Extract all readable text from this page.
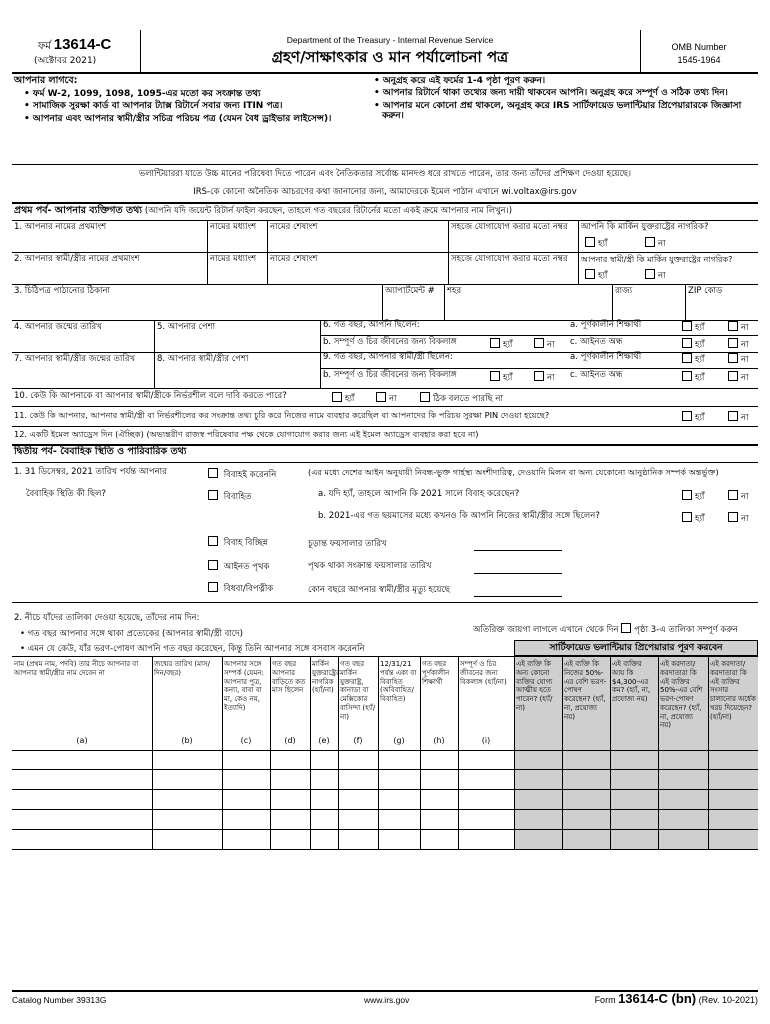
ফর্ম 13614-C
(অক্টোবর 2021)
Department of the Treasury - Internal Revenue Service
গ্রহণ/সাক্ষাৎকার ও মান পর্যালোচনা পত্র
OMB Number
1545-1964
আপনার লাগবে:
• ফর্ম W-2, 1099, 1098, 1095-এর মতো কর সংক্রান্ত তথ্য
• সামাজিক সুরক্ষা কার্ড বা আপনার ট্যাক্স রিটার্নে সবার জন্য ITIN পত্র।
• আপনার এবং আপনার স্বামী/স্ত্রীর সচিত্র পরিচয় পত্র (যেমন বৈধ ড্রাইভার লাইসেন্স)।
• অনুগ্রহ করে এই ফর্মের 1-4 পৃষ্ঠা পূরণ করুন।
• আপনার রিটার্নে থাকা তথ্যের জন্য দায়ী থাকবেন আপনি। অনুগ্রহ করে সম্পূর্ণ ও সঠিক তথ্য দিন।
• আপনার মনে কোনো প্রশ্ন থাকলে, অনুগ্রহ করে IRS সার্টিফায়েড ভলান্টিয়ার প্রিপেয়ারারকে জিজ্ঞাসা করুন।
ভলান্টিয়াররা যাতে উচ্চ মানের পরিষেবা দিতে পারেন এবং নৈতিকতার সর্বোচ্চ মানদণ্ড ধরে রাখতে পারেন, তার জন্য তাঁদের প্রশিক্ষণ দেওয়া হয়েছে।
IRS-কে কোনো অনৈতিক আচরণের কথা জানানোর জন্য, আমাদেরকে ইমেল পাঠান এখানে wi.voltax@irs.gov
প্রথম পর্ব- আপনার ব্যক্তিগত তথ্য (আপনি যদি জয়েন্ট রিটার্ন ফাইল করছেন, তাহলে গত বছরের রিটার্নের মতো একই ক্রমে আপনার নাম লিখুন।)
1. আপনার নামের প্রথমাংশ	নামের মধ্যাংশ নামের শেষাংশ	সহজে যোগাযোগ করার মতো নম্বর আপনি কি মার্কিন যুক্তরাষ্ট্রের নাগরিক?
হ্যাঁ	না
2. আপনার স্বামী/স্ত্রীর নামের প্রথমাংশ	নামের মধ্যাংশ নামের শেষাংশ	সহজে যোগাযোগ করার মতো নম্বর আপনার স্বামী/স্ত্রী কি মার্কিন যুক্তরাষ্ট্রের নাগরিক?
হ্যাঁ	না
3. চিঠিপত্র পাঠানোর ঠিকানা	অ্যাপার্টমেন্ট # শহর	রাজ্য	ZIP কোড
4. আপনার জন্মের তারিখ	5. আপনার পেশা	6. গত বছর, আপনি ছিলেন:	a. পূর্ণকালীন শিক্ষার্থী	হ্যাঁ	না
b. সম্পূর্ণ ও চির জীবনের জন্য বিকলাঙ্গ	হ্যাঁ	না c. আইনত অন্ধ	হ্যাঁ	না
7. আপনার স্বামী/স্ত্রীর জন্মের তারিখ	8. আপনার স্বামী/স্ত্রীর পেশা	9. গত বছর, আপনার স্বামী/স্ত্রী ছিলেন:	a. পূর্ণকালীন শিক্ষার্থী	হ্যাঁ	না
b. সম্পূর্ণ ও চির জীবনের জন্য বিকলাঙ্গ	হ্যাঁ	না c. আইনত অন্ধ	হ্যাঁ	না
10. কেউ কি আপনাকে বা আপনার স্বামী/স্ত্রীকে নির্ভরশীল বলে দাবি করতে পারে?	হ্যাঁ	না	ঠিক বলতে পারছি না
11. কেউ কি আপনার, আপনার স্বামী/স্ত্রী বা নির্ভরশীলের কর সংক্রান্ত তথ্য চুরি করে নিজের নামে ব্যবহার করেছিল বা আপনাদের কি পরিচয় সুরক্ষা PIN দেওয়া হয়েছে?	হ্যাঁ	না
12. একটি ইমেল অ্যাড্রেস দিন (ঐচ্ছিক) (অভ্যন্তরীণ রাজস্ব পরিষেবার পক্ষ থেকে যোগাযোগ করার জন্য এই ইমেল অ্যাড্রেস ব্যবহার করা হবে না)
দ্বিতীয় পর্ব- বৈবাহিক স্থিতি ও পারিবারিক তথ্য
1. 31 ডিসেম্বর, 2021 তারিখ পর্যন্ত আপনার
বৈবাহিক স্থিতি কী ছিল?
বিবাহই করেননি	(এর মধ্যে দেশের আইন অনুযায়ী নিবন্ধ-ভুক্ত গার্হস্থ্য অংশীদারিত্ব, দেওয়ানি মিলন বা অন্য যেকোনো আনুষ্ঠানিক সম্পর্ক অন্তর্ভুক্ত)
বিবাহিত	a. যদি হ্যাঁ, তাহলে আপনি কি 2021 সালে বিবাহ করেছেন?	হ্যাঁ	না
b. 2021-এর গত ছয়মাসের মধ্যে কখনও কি আপনি নিজের স্বামী/স্ত্রীর সঙ্গে ছিলেন?	হ্যাঁ	না
বিবাহ বিচ্ছিন্ন	চূড়ান্ত ফয়সালার তারিখ
আইনত পৃথক	পৃথক থাকা সংক্রান্ত ফয়সালার তারিখ
বিধবা/বিপত্নীক	কোন বছরে আপনার স্বামী/স্ত্রীর মৃত্যু হয়েছে
2. নীচে যাঁদের তালিকা দেওয়া হয়েছে, তাঁদের নাম দিন:
• গত বছর আপনার সঙ্গে থাকা প্রত্যেকের (আপনার স্বামী/স্ত্রী বাদে)
• এমন যে কেউ, যাঁর ভরণ-পোষণ আপনি গত বছর করেছেন, কিন্তু তিনি আপনার সঙ্গে বসবাস করেননি
অতিরিক্ত জায়গা লাগলে এখানে থেকে দিন পৃষ্ঠা 3-এ তালিকা সম্পূর্ণ করুন
সার্টিফায়েড ভলান্টিয়ার প্রিপেয়ারার পূরণ করবেন
নাম (প্রথম নাম, পদবি) তার নীচে আপনার বা আপনার স্বামী/স্ত্রীর নাম দেবেন না
(a)
জন্মের তারিখ (মাস/দিন/বছর)
(b)
আপনার সঙ্গে সম্পর্ক (যেমন: আপনার পুত্র, কন্যা, বাবা বা মা, কেও নয়, ইত্যাদি)
(c)
গত বছর আপনার বাড়িতে কত মাস ছিলেন
(d)
মার্কিন যুক্তরাষ্ট্রের নাগরিক (হ্যাঁ/না)
(e)
গত বছর মার্কিন যুক্তরাষ্ট্র, কানাডা বা মেক্সিকোর বাসিন্দা (হ্যাঁ/না)
(f)
12/31/21 পর্যন্ত একা বা বিবাহিত (অবিবাহিত/বিবাহিত)
(g)
গত বছর পূর্ণকালীন শিক্ষার্থী
(h)
সম্পূর্ণ ও চির জীবনের জন্য বিকলাঙ্গ (হ্যাঁ/না)
(i)
এই ব্যক্তি কি অন্য কোনো ব্যক্তির যোগ্য আত্মীয় হতে পারেন? (হ্যাঁ/না)
এই ব্যক্তি কি নিজের 50%-এর বেশি ভরণ-পোষণ করেছেন? (হ্যাঁ, না, প্রযোজ্য নয়)
এই ব্যক্তির আয় কি $4,300-এর কম? (হ্যাঁ, না, প্রযোজ্য নয়)
এই করদাতা/করদাতারা কি এই ব্যক্তির 50%-এর বেশি ভরণ-পোষণ করেছেন? (হ্যাঁ, না, প্রযোজ্য নয়)
এই করদাতা/করদাতারা কি এই ব্যক্তির সংসার চালানোর অর্ধেক খরচ দিয়েছেন? (হ্যাঁ/না)
Catalog Number 39313G	www.irs.gov	Form 13614-C (bn) (Rev. 10-2021)
